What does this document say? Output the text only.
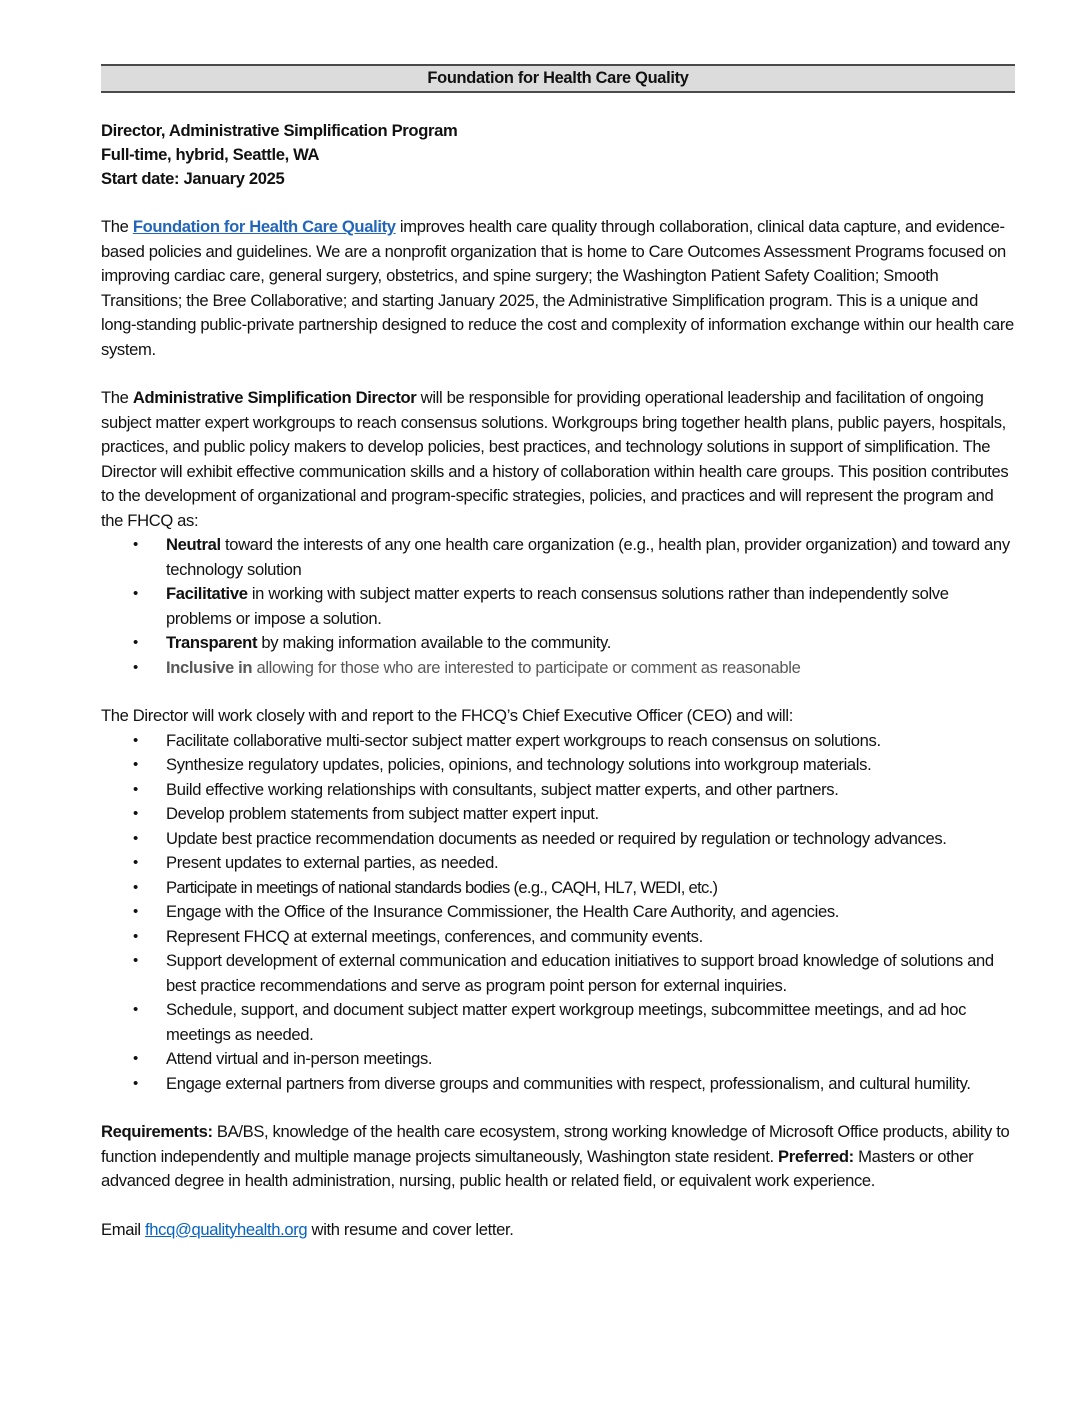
Foundation for Health Care Quality
Director, Administrative Simplification Program
Full-time, hybrid, Seattle, WA
Start date: January 2025

The Foundation for Health Care Quality improves health care quality through collaboration, clinical data capture, and evidence-based policies and guidelines. We are a nonprofit organization that is home to Care Outcomes Assessment Programs focused on improving cardiac care, general surgery, obstetrics, and spine surgery; the Washington Patient Safety Coalition; Smooth Transitions; the Bree Collaborative; and starting January 2025, the Administrative Simplification program. This is a unique and long-standing public-private partnership designed to reduce the cost and complexity of information exchange within our health care system.

The Administrative Simplification Director will be responsible for providing operational leadership and facilitation of ongoing subject matter expert workgroups to reach consensus solutions. Workgroups bring together health plans, public payers, hospitals, practices, and public policy makers to develop policies, best practices, and technology solutions in support of simplification. The Director will exhibit effective communication skills and a history of collaboration within health care groups. This position contributes to the development of organizational and program-specific strategies, policies, and practices and will represent the program and the FHCQ as:

• Neutral toward the interests of any one health care organization (e.g., health plan, provider organization) and toward any technology solution
• Facilitative in working with subject matter experts to reach consensus solutions rather than independently solve problems or impose a solution.
• Transparent by making information available to the community.
• Inclusive in allowing for those who are interested to participate or comment as reasonable

The Director will work closely with and report to the FHCQ’s Chief Executive Officer (CEO) and will:

• Facilitate collaborative multi-sector subject matter expert workgroups to reach consensus on solutions.
• Synthesize regulatory updates, policies, opinions, and technology solutions into workgroup materials.
• Build effective working relationships with consultants, subject matter experts, and other partners.
• Develop problem statements from subject matter expert input.
• Update best practice recommendation documents as needed or required by regulation or technology advances.
• Present updates to external parties, as needed.
• Participate in meetings of national standards bodies (e.g., CAQH, HL7, WEDI, etc.)
• Engage with the Office of the Insurance Commissioner, the Health Care Authority, and agencies.
• Represent FHCQ at external meetings, conferences, and community events.
• Support development of external communication and education initiatives to support broad knowledge of solutions and best practice recommendations and serve as program point person for external inquiries.
• Schedule, support, and document subject matter expert workgroup meetings, subcommittee meetings, and ad hoc meetings as needed.
• Attend virtual and in-person meetings.
• Engage external partners from diverse groups and communities with respect, professionalism, and cultural humility.

Requirements: BA/BS, knowledge of the health care ecosystem, strong working knowledge of Microsoft Office products, ability to function independently and multiple manage projects simultaneously, Washington state resident. Preferred: Masters or other advanced degree in health administration, nursing, public health or related field, or equivalent work experience.

Email fhcq@qualityhealth.org with resume and cover letter.
